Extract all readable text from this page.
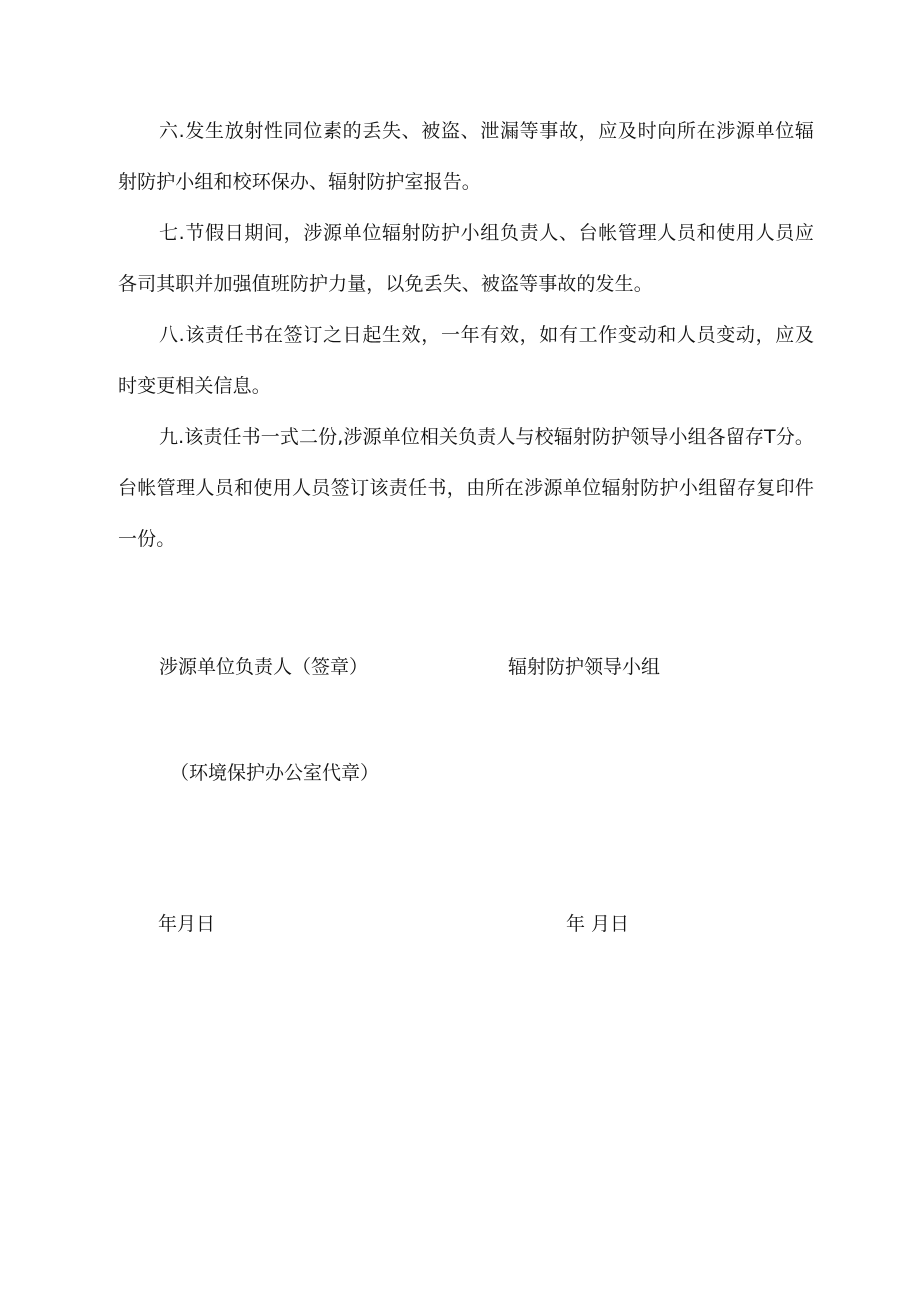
六.发生放射性同位素的丢失、被盗、泄漏等事故，应及时向所在涉源单位辐射防护小组和校环保办、辐射防护室报告。

七.节假日期间，涉源单位辐射防护小组负责人、台帐管理人员和使用人员应各司其职并加强值班防护力量，以免丢失、被盗等事故的发生。

八.该责任书在签订之日起生效，一年有效，如有工作变动和人员变动，应及时变更相关信息。

九.该责任书一式二份,涉源单位相关负责人与校辐射防护领导小组各留存T分。台帐管理人员和使用人员签订该责任书，由所在涉源单位辐射防护小组留存复印件一份。

涉源单位负责人（签章）	辐射防护领导小组
（环境保护办公室代章）
年月日	年 月日
